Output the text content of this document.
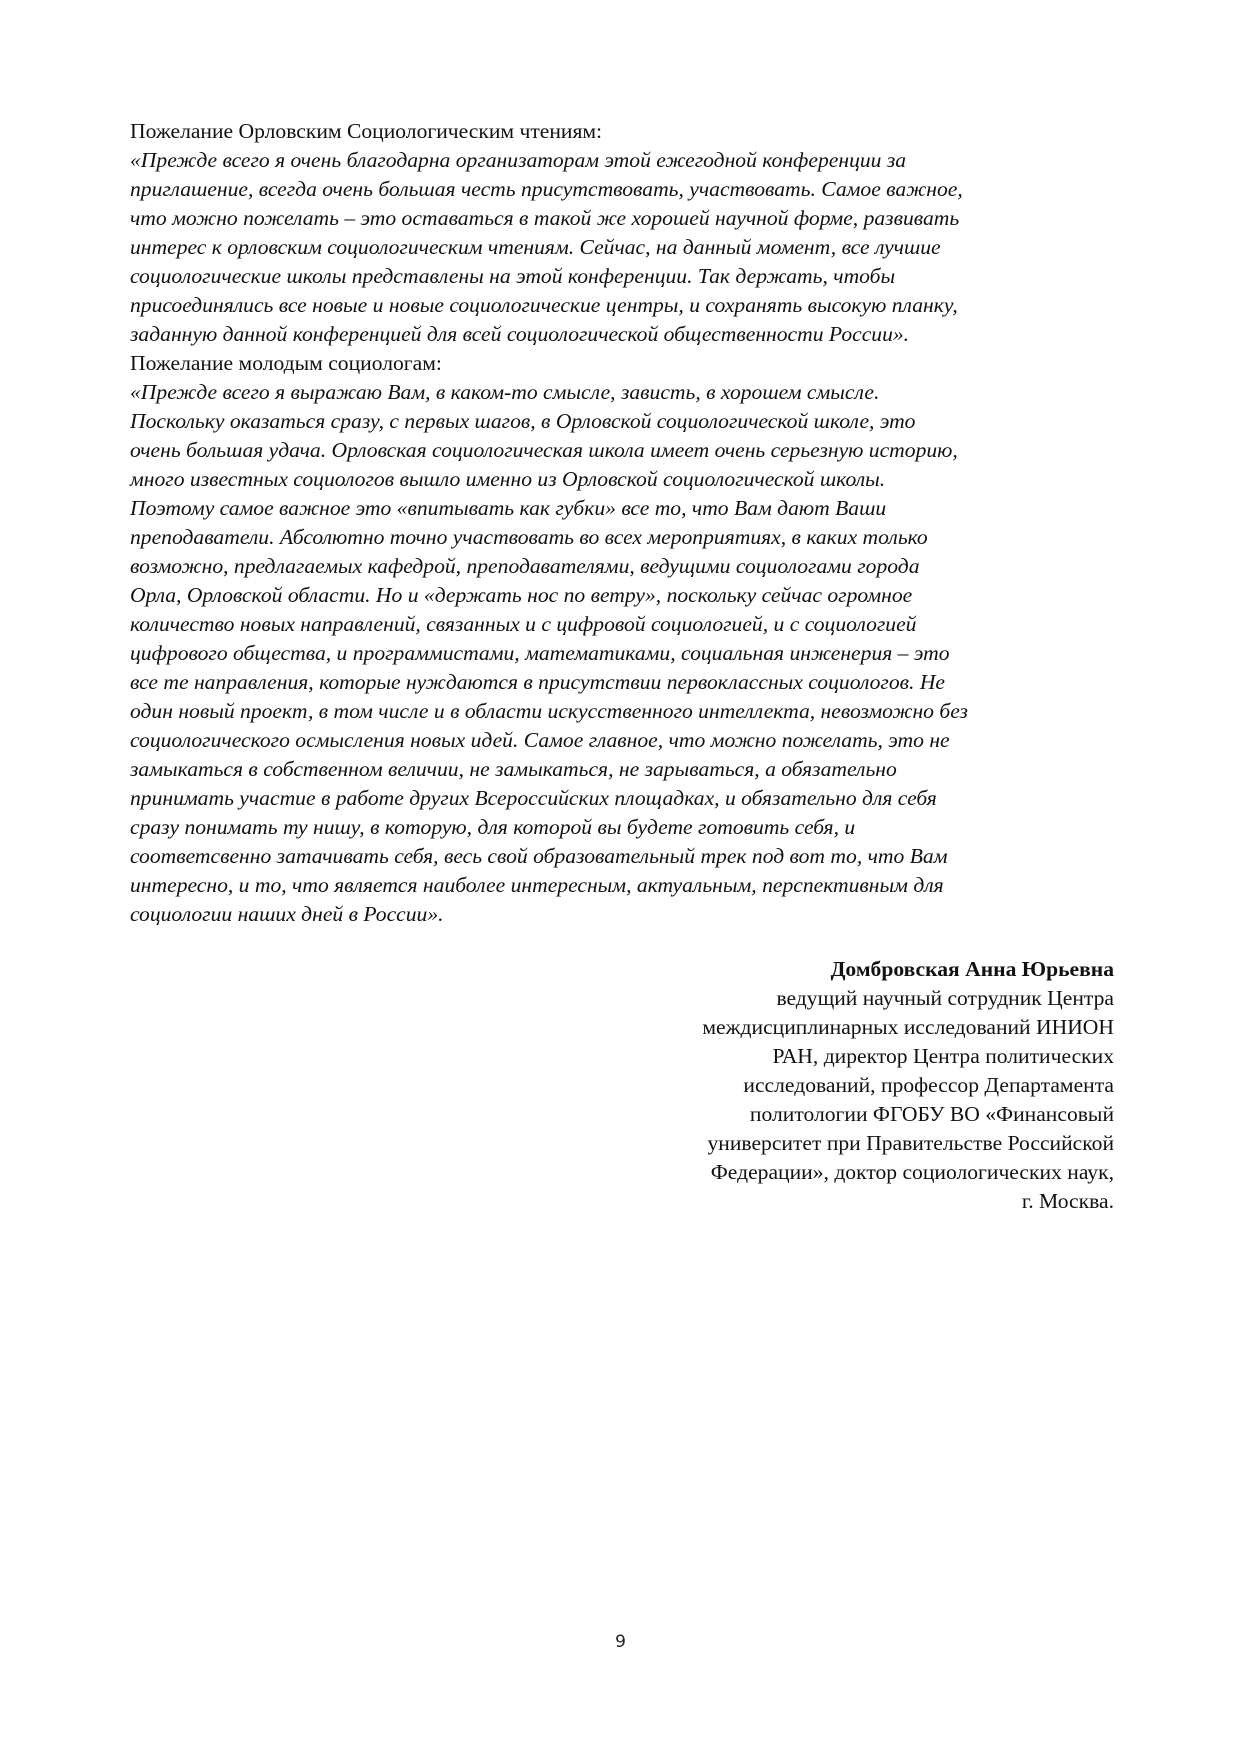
Пожелание Орловским Социологическим чтениям:
«Прежде всего я очень благодарна организаторам этой ежегодной конференции за
приглашение, всегда очень большая честь присутствовать, участвовать. Самое важное,
что можно пожелать – это оставаться в такой же хорошей научной форме, развивать
интерес к орловским социологическим чтениям. Сейчас, на данный момент, все лучшие
социологические школы представлены на этой конференции. Так держать, чтобы
присоединялись все новые и новые социологические центры, и сохранять высокую планку,
заданную данной конференцией для всей социологической общественности России».
Пожелание молодым социологам:
«Прежде всего я выражаю Вам, в каком-то смысле, зависть, в хорошем смысле.
Поскольку оказаться сразу, с первых шагов, в Орловской социологической школе, это
очень большая удача. Орловская социологическая школа имеет очень серьезную историю,
много известных социологов вышло именно из Орловской социологической школы.
Поэтому самое важное это «впитывать как губки» все то, что Вам дают Ваши
преподаватели. Абсолютно точно участвовать во всех мероприятиях, в каких только
возможно, предлагаемых кафедрой, преподавателями, ведущими социологами города
Орла, Орловской области. Но и «держать нос по ветру», поскольку сейчас огромное
количество новых направлений, связанных и с цифровой социологией, и с социологией
цифрового общества, и программистами, математиками, социальная инженерия – это
все те направления, которые нуждаются в присутствии первоклассных социологов. Не
один новый проект, в том числе и в области искусственного интеллекта, невозможно без
социологического осмысления новых идей. Самое главное, что можно пожелать, это не
замыкаться в собственном величии, не замыкаться, не зарываться, а обязательно
принимать участие в работе других Всероссийских площадках, и обязательно для себя
сразу понимать ту нишу, в которую, для которой вы будете готовить себя, и
соответсвенно затачивать себя, весь свой образовательный трек под вот то, что Вам
интересно, и то, что является наиболее интересным, актуальным, перспективным для
социологии наших дней в России».
Домбровская Анна Юрьевна
ведущий научный сотрудник Центра
междисциплинарных исследований ИНИОН
РАН, директор Центра политических
исследований, профессор Департамента
политологии ФГОБУ ВО «Финансовый
университет при Правительстве Российской
Федерации», доктор социологических наук,
г. Москва.
9
